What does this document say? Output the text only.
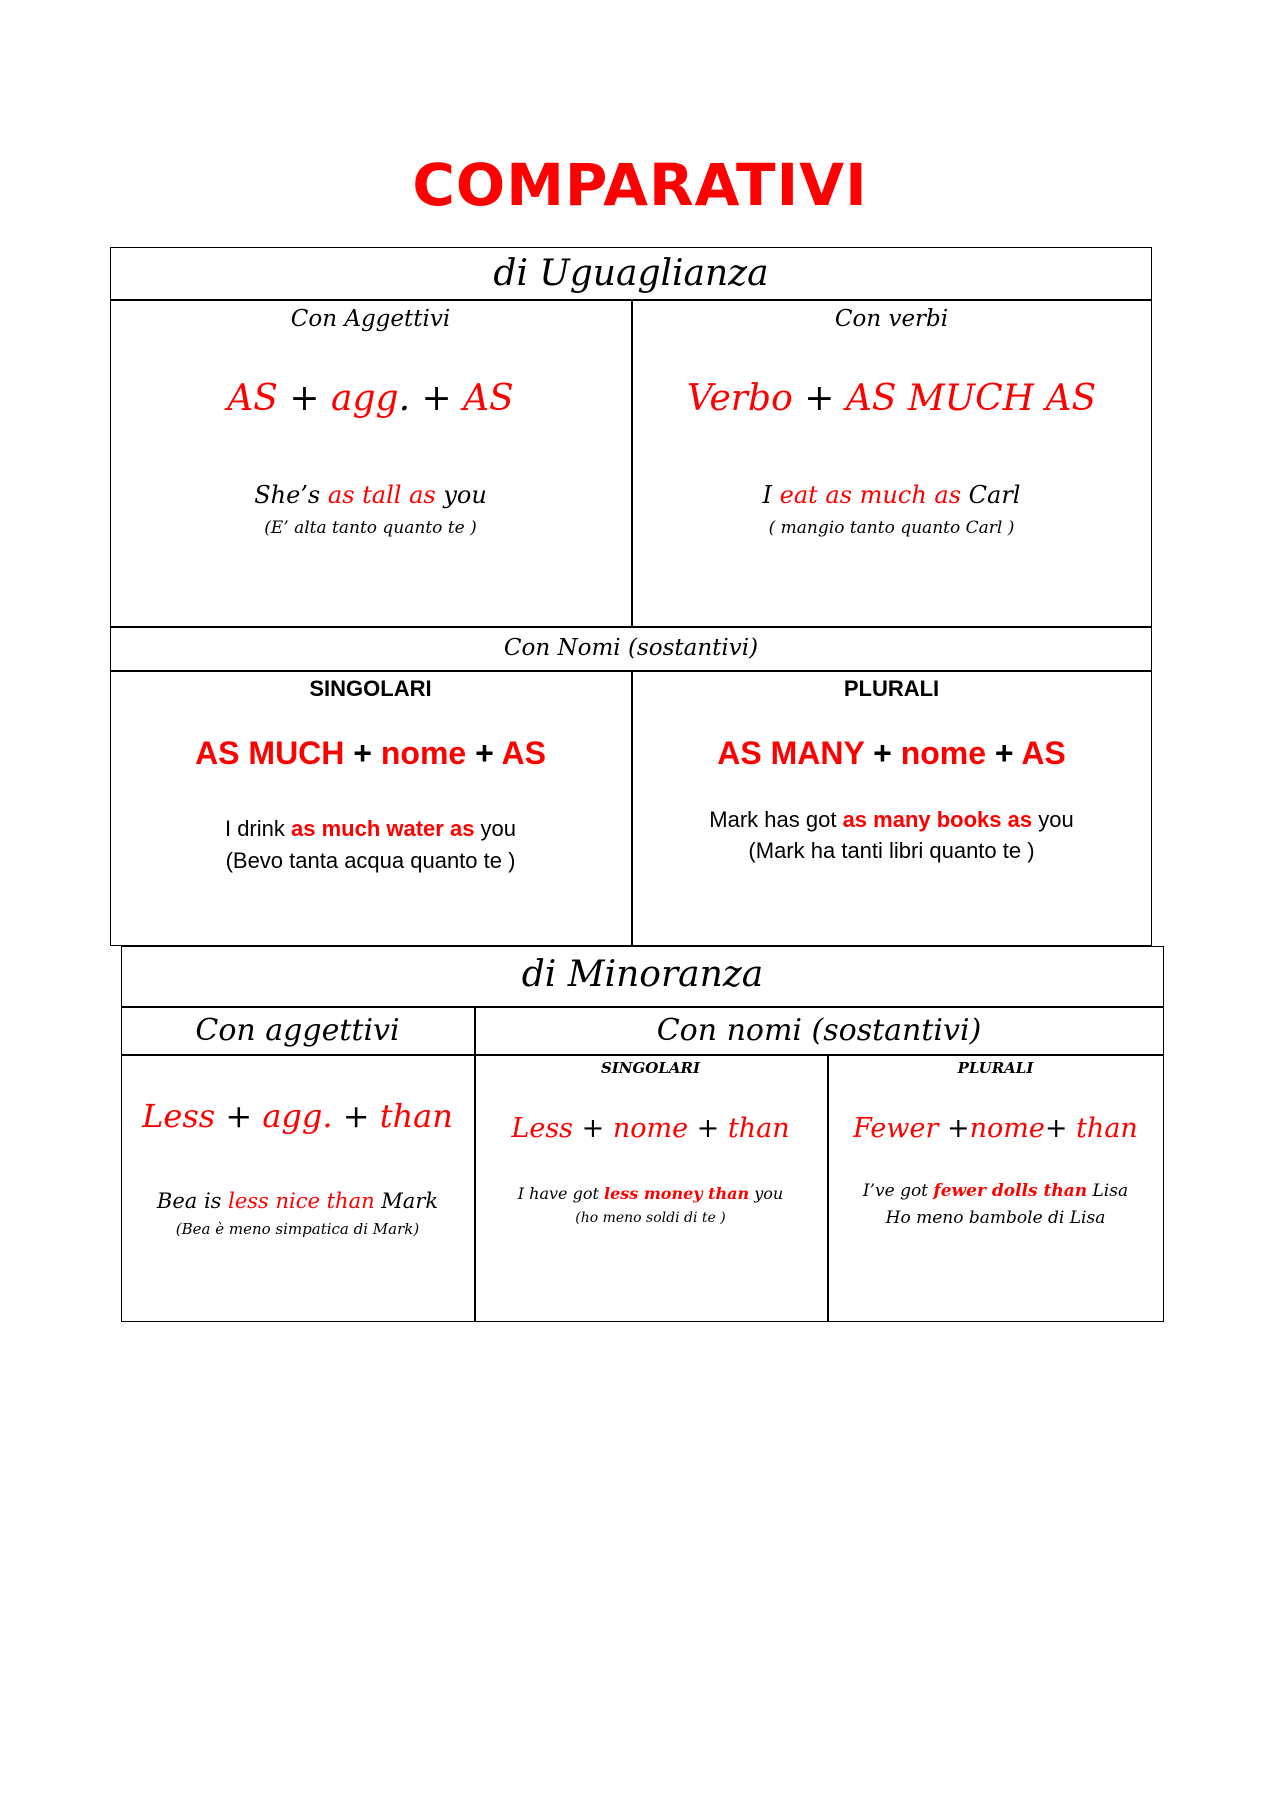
COMPARATIVI
di Uguaglianza
Con Aggettivi
AS + agg. + AS
She’s as tall as you
(E’ alta tanto quanto te )
Con verbi
Verbo + AS MUCH AS
I eat as much as Carl
( mangio tanto quanto Carl )
Con Nomi (sostantivi)
SINGOLARI
AS MUCH + nome + AS
I drink as much water as you
(Bevo tanta acqua quanto te )
PLURALI
AS MANY + nome + AS
Mark has got as many books as you
(Mark ha tanti libri quanto te )
di Minoranza
Con aggettivi	Con nomi (sostantivi)
Less + agg. + than
Bea is less nice than Mark
(Bea è meno simpatica di Mark)
SINGOLARI
Less + nome + than
I have got less money than you
(ho meno soldi di te )
PLURALI
Fewer +nome+ than
I’ve got fewer dolls than Lisa
Ho meno bambole di Lisa
